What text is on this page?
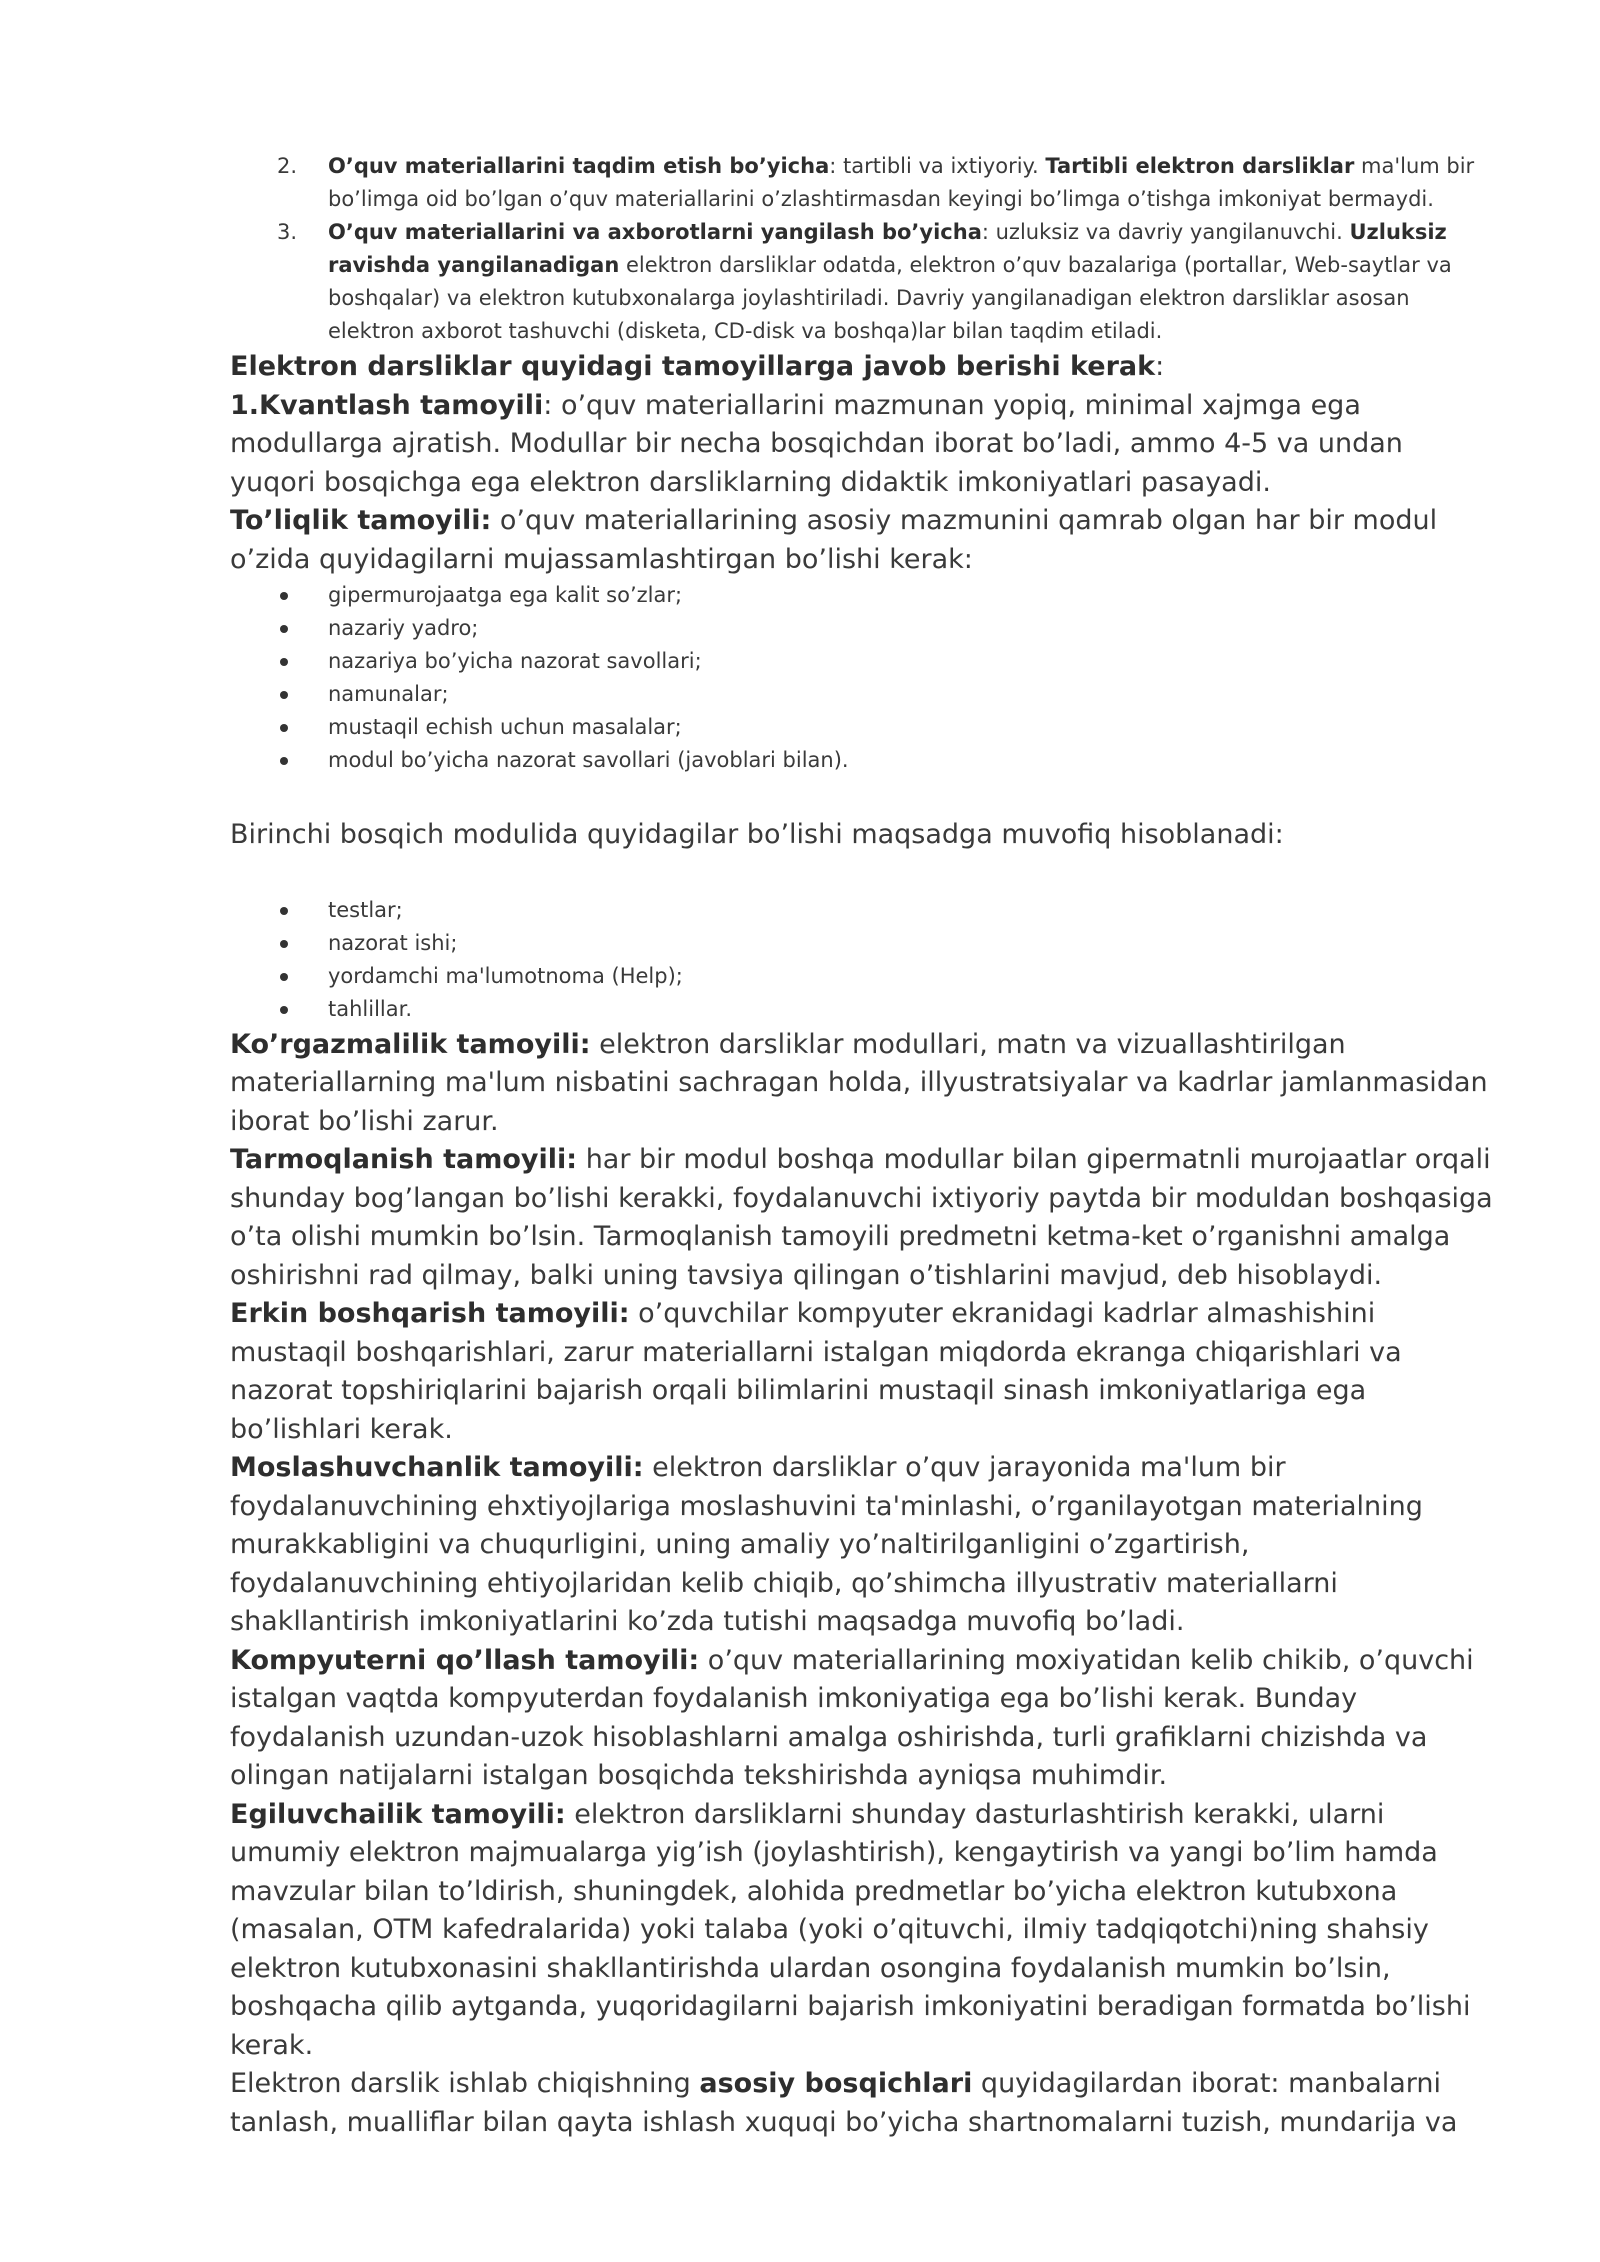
2. O’quv materiallarini taqdim etish bo’yicha: tartibli va ixtiyoriy. Tartibli elektron darsliklar ma'lum bir bo’limga oid bo’lgan o’quv materiallarini o’zlashtirmasdan keyingi bo’limga o’tishga imkoniyat bermaydi.
3. O’quv materiallarini va axborotlarni yangilash bo’yicha: uzluksiz va davriy yangilanuvchi. Uzluksiz ravishda yangilanadigan elektron darsliklar odatda, elektron o’quv bazalariga (portallar, Web-saytlar va boshqalar) va elektron kutubxonalarga joylashtiriladi. Davriy yangilanadigan elektron darsliklar asosan elektron axborot tashuvchi (disketa, CD-disk va boshqa)lar bilan taqdim etiladi.

Elektron darsliklar quyidagi tamoyillarga javob berishi kerak:

1.Kvantlash tamoyili: o’quv materiallarini mazmunan yopiq, minimal xajmga ega modullarga ajratish. Modullar bir necha bosqichdan iborat bo’ladi, ammo 4-5 va undan yuqori bosqichga ega elektron darsliklarning didaktik imkoniyatlari pasayadi.

To’liqlik tamoyili: o’quv materiallarining asosiy mazmunini qamrab olgan har bir modul o’zida quyidagilarni mujassamlashtirgan bo’lishi kerak:

gipermurojaatga ega kalit so’zlar;
nazariy yadro;
nazariya bo’yicha nazorat savollari;
namunalar;
mustaqil echish uchun masalalar;
modul bo’yicha nazorat savollari (javoblari bilan).

Birinchi bosqich modulida quyidagilar bo’lishi maqsadga muvofiq hisoblanadi:

testlar;
nazorat ishi;
yordamchi ma'lumotnoma (Help);
tahlillar.

Ko’rgazmalilik tamoyili: elektron darsliklar modullari, matn va vizuallashtirilgan materiallarning ma'lum nisbatini sachragan holda, illyustratsiyalar va kadrlar jamlanmasidan iborat bo’lishi zarur.

Tarmoqlanish tamoyili: har bir modul boshqa modullar bilan gipermatnli murojaatlar orqali shunday bog’langan bo’lishi kerakki, foydalanuvchi ixtiyoriy paytda bir moduldan boshqasiga o’ta olishi mumkin bo’lsin. Tarmoqlanish tamoyili predmetni ketma-ket o’rganishni amalga oshirishni rad qilmay, balki uning tavsiya qilingan o’tishlarini mavjud, deb hisoblaydi.

Erkin boshqarish tamoyili: o’quvchilar kompyuter ekranidagi kadrlar almashishini mustaqil boshqarishlari, zarur materiallarni istalgan miqdorda ekranga chiqarishlari va nazorat topshiriqlarini bajarish orqali bilimlarini mustaqil sinash imkoniyatlariga ega bo’lishlari kerak.

Moslashuvchanlik tamoyili: elektron darsliklar o’quv jarayonida ma'lum bir foydalanuvchining ehxtiyojlariga moslashuvini ta'minlashi, o’rganilayotgan materialning murakkabligini va chuqurligini, uning amaliy yo’naltirilganligini o’zgartirish, foydalanuvchining ehtiyojlaridan kelib chiqib, qo’shimcha illyustrativ materiallarni shakllantirish imkoniyatlarini ko’zda tutishi maqsadga muvofiq bo’ladi.

Kompyuterni qo’llash tamoyili: o’quv materiallarining moxiyatidan kelib chikib, o’quvchi istalgan vaqtda kompyuterdan foydalanish imkoniyatiga ega bo’lishi kerak. Bunday foydalanish uzundan-uzok hisoblashlarni amalga oshirishda, turli grafiklarni chizishda va olingan natijalarni istalgan bosqichda tekshirishda ayniqsa muhimdir.

Egiluvchailik tamoyili: elektron darsliklarni shunday dasturlashtirish kerakki, ularni umumiy elektron majmualarga yig’ish (joylashtirish), kengaytirish va yangi bo’lim hamda mavzular bilan to’ldirish, shuningdek, alohida predmetlar bo’yicha elektron kutubxona (masalan, OTM kafedralarida) yoki talaba (yoki o’qituvchi, ilmiy tadqiqotchi)ning shahsiy elektron kutubxonasini shakllantirishda ulardan osongina foydalanish mumkin bo’lsin, boshqacha qilib aytganda, yuqoridagilarni bajarish imkoniyatini beradigan formatda bo’lishi kerak.

Elektron darslik ishlab chiqishning asosiy bosqichlari quyidagilardan iborat: manbalarni tanlash, mualliflar bilan qayta ishlash xuquqi bo’yicha shartnomalarni tuzish, mundarija va
